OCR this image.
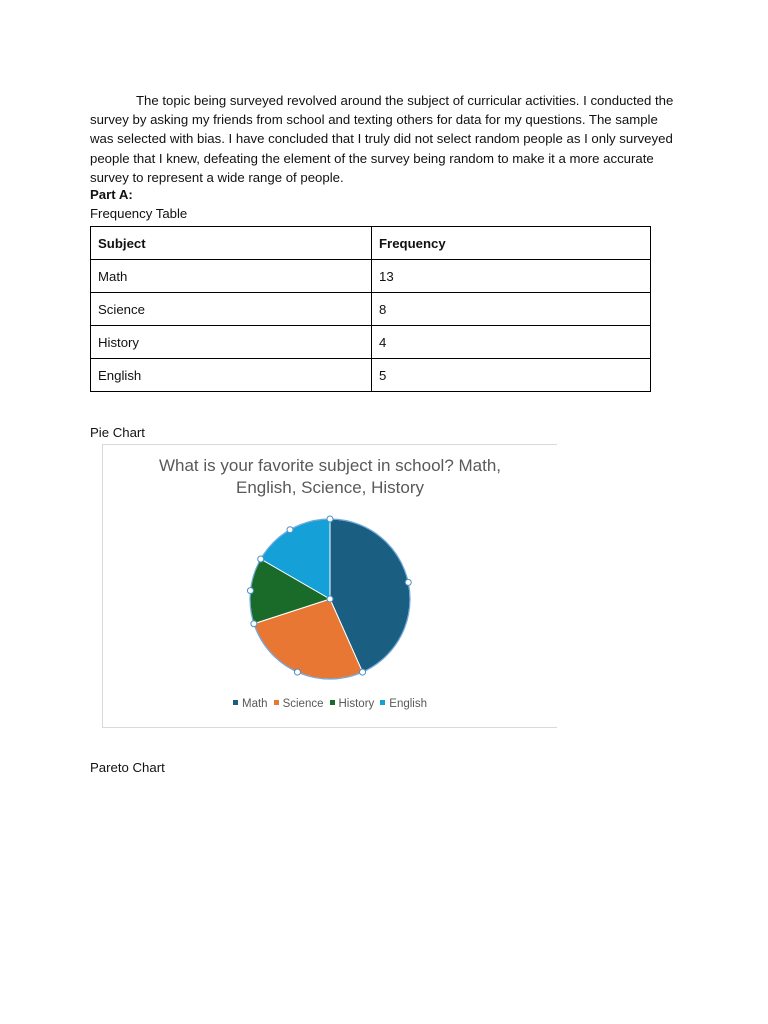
The topic being surveyed revolved around the subject of curricular activities. I conducted the survey by asking my friends from school and texting others for data for my questions. The sample was selected with bias. I have concluded that I truly did not select random people as I only surveyed people that I knew, defeating the element of the survey being random to make it a more accurate survey to represent a wide range of people.

Part A:
Frequency Table
Subject	Frequency
Math	13
Science	8
History	4
English	5
Pie Chart
What is your favorite subject in school? Math,
English, Science, History
Math Science History English
Pareto Chart
